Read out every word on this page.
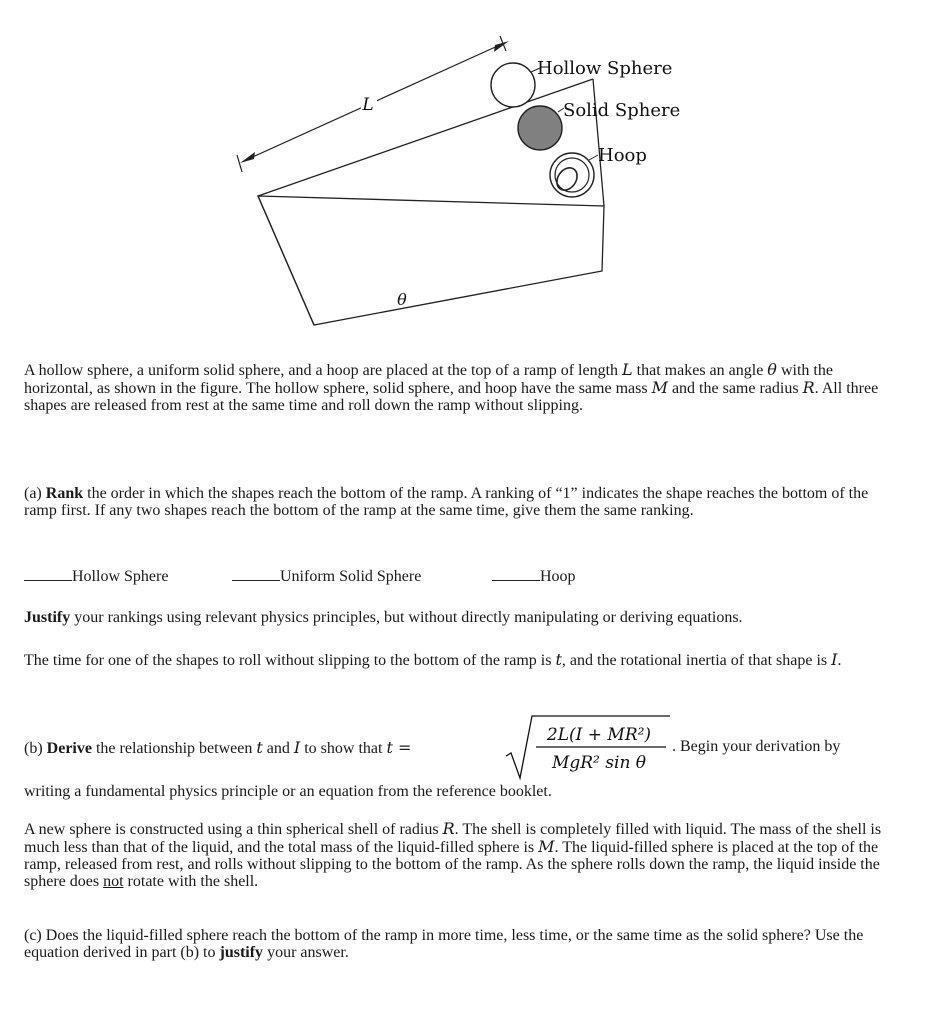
L
θ
Hollow Sphere
Solid Sphere
Hoop

A hollow sphere, a uniform solid sphere, and a hoop are placed at the top of a ramp of length L that makes an angle θ with the horizontal, as shown in the figure. The hollow sphere, solid sphere, and hoop have the same mass M and the same radius R. All three shapes are released from rest at the same time and roll down the ramp without slipping.

(a) Rank the order in which the shapes reach the bottom of the ramp. A ranking of “1” indicates the shape reaches the bottom of the ramp first. If any two shapes reach the bottom of the ramp at the same time, give them the same ranking.

Hollow Sphere	Uniform Solid Sphere	Hoop

Justify your rankings using relevant physics principles, but without directly manipulating or deriving equations.

The time for one of the shapes to roll without slipping to the bottom of the ramp is t, and the rotational inertia of that shape is I.

(b) Derive the relationship between t and I to show that t =
2L(I + MR²)
MgR² sin θ
. Begin your derivation by

writing a fundamental physics principle or an equation from the reference booklet.

A new sphere is constructed using a thin spherical shell of radius R. The shell is completely filled with liquid. The mass of the shell is much less than that of the liquid, and the total mass of the liquid-filled sphere is M. The liquid-filled sphere is placed at the top of the ramp, released from rest, and rolls without slipping to the bottom of the ramp. As the sphere rolls down the ramp, the liquid inside the sphere does not rotate with the shell.

(c) Does the liquid-filled sphere reach the bottom of the ramp in more time, less time, or the same time as the solid sphere? Use the equation derived in part (b) to justify your answer.
